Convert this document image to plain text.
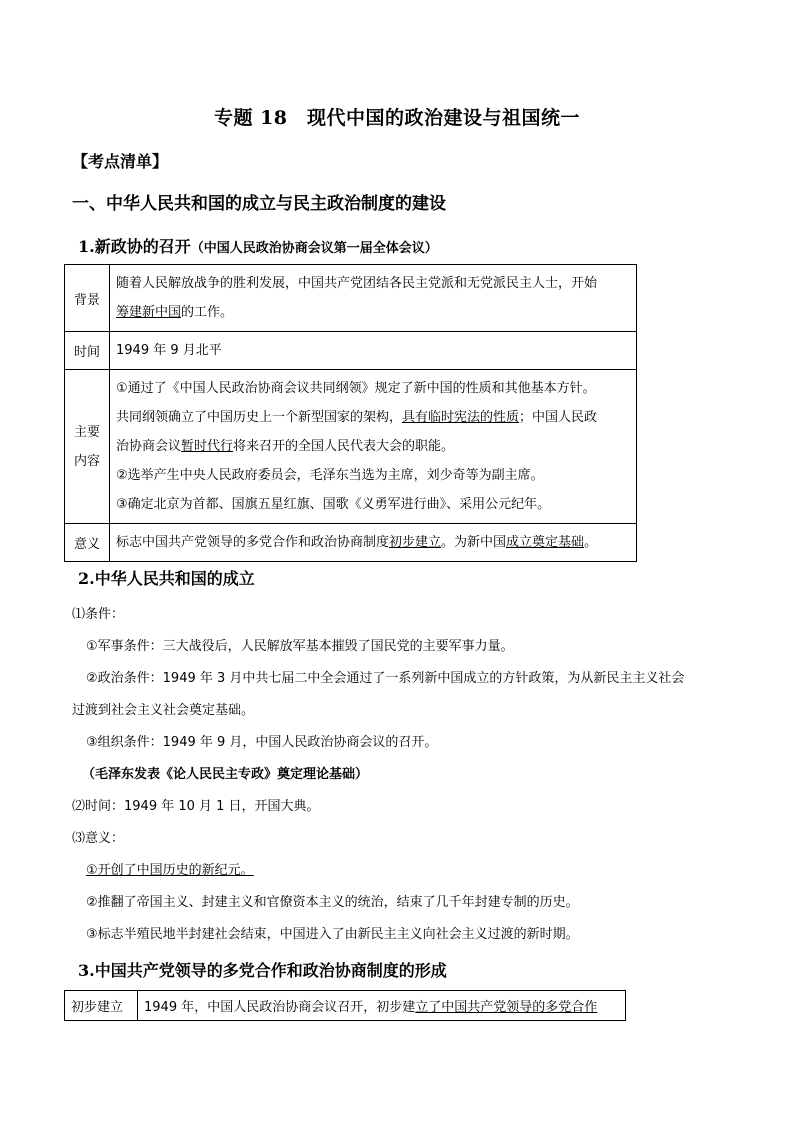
专题 18　现代中国的政治建设与祖国统一
【考点清单】
一、中华人民共和国的成立与民主政治制度的建设
1.新政协的召开（中国人民政治协商会议第一届全体会议）
背景	随着人民解放战争的胜利发展，中国共产党团结各民主党派和无党派民主人士，开始
筹建新中国的工作。
时间	1949 年 9 月北平
主要
内容	①通过了《中国人民政治协商会议共同纲领》规定了新中国的性质和其他基本方针。
共同纲领确立了中国历史上一个新型国家的架构，具有临时宪法的性质；中国人民政
治协商会议暂时代行将来召开的全国人民代表大会的职能。
②选举产生中央人民政府委员会，毛泽东当选为主席，刘少奇等为副主席。
③确定北京为首都、国旗五星红旗、国歌《义勇军进行曲》、采用公元纪年。
意义	标志中国共产党领导的多党合作和政治协商制度初步建立。为新中国成立奠定基础。
2.中华人民共和国的成立
⑴条件：
①军事条件：三大战役后，人民解放军基本摧毁了国民党的主要军事力量。
②政治条件：1949 年 3 月中共七届二中全会通过了一系列新中国成立的方针政策，为从新民主主义社会
过渡到社会主义社会奠定基础。
③组织条件：1949 年 9 月，中国人民政治协商会议的召开。
（毛泽东发表《论人民民主专政》奠定理论基础）
⑵时间：1949 年 10 月 1 日，开国大典。
⑶意义：
①开创了中国历史的新纪元。
②推翻了帝国主义、封建主义和官僚资本主义的统治，结束了几千年封建专制的历史。
③标志半殖民地半封建社会结束，中国进入了由新民主主义向社会主义过渡的新时期。
3.中国共产党领导的多党合作和政治协商制度的形成
初步建立	1949 年，中国人民政治协商会议召开，初步建立了中国共产党领导的多党合作
